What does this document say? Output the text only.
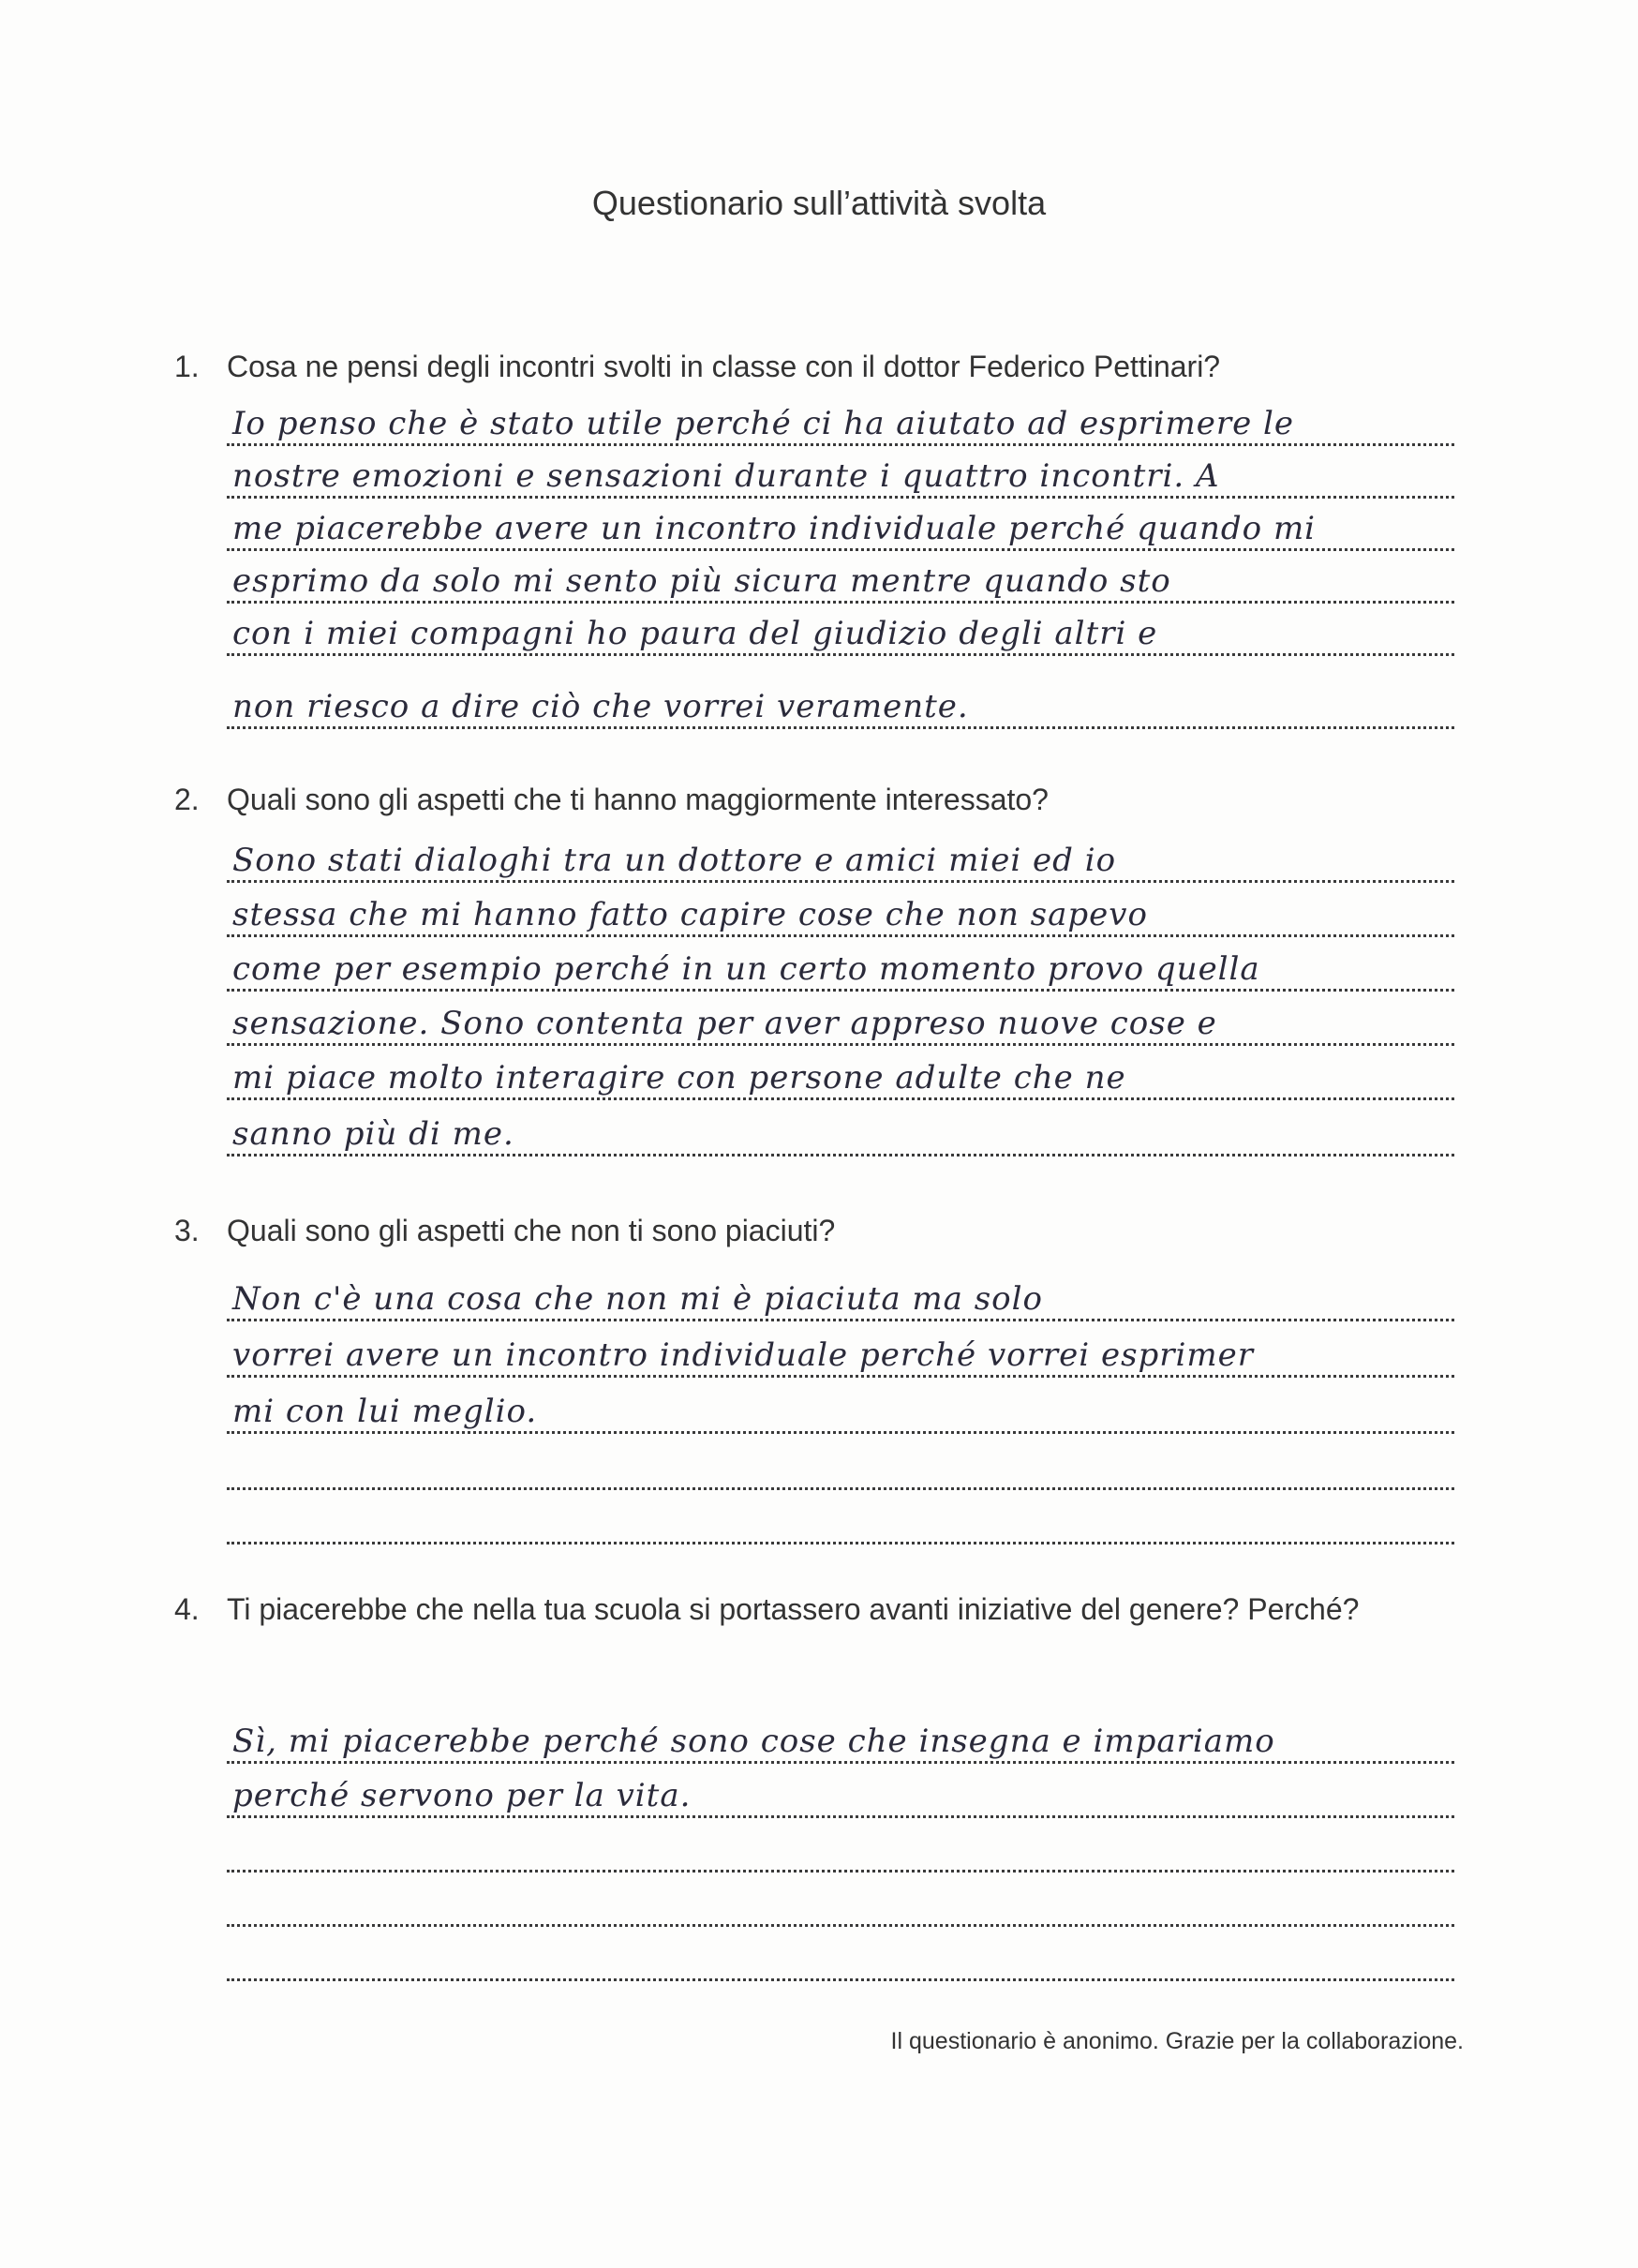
Questionario sull’attività svolta
1. Cosa ne pensi degli incontri svolti in classe con il dottor Federico Pettinari?
Io penso che è stato utile perché ci ha aiutato ad esprimere le
nostre emozioni e sensazioni durante i quattro incontri. A
me piacerebbe avere un incontro individuale perché quando mi
esprimo da solo mi sento più sicura mentre quando sto
con i miei compagni ho paura del giudizio degli altri e
non riesco a dire ciò che vorrei veramente.
2. Quali sono gli aspetti che ti hanno maggiormente interessato?
Sono stati dialoghi tra un dottore e amici miei ed io
stessa che mi hanno fatto capire cose che non sapevo
come per esempio perché in un certo momento provo quella
sensazione. Sono contenta per aver appreso nuove cose e
mi piace molto interagire con persone adulte che ne
sanno più di me.
3. Quali sono gli aspetti che non ti sono piaciuti?
Non c'è una cosa che non mi è piaciuta ma solo
vorrei avere un incontro individuale perché vorrei esprimer
mi con lui meglio.
4. Ti piacerebbe che nella tua scuola si portassero avanti iniziative del genere? Perché?
Sì, mi piacerebbe perché sono cose che insegna e impariamo
perché servono per la vita.
Il questionario è anonimo. Grazie per la collaborazione.
